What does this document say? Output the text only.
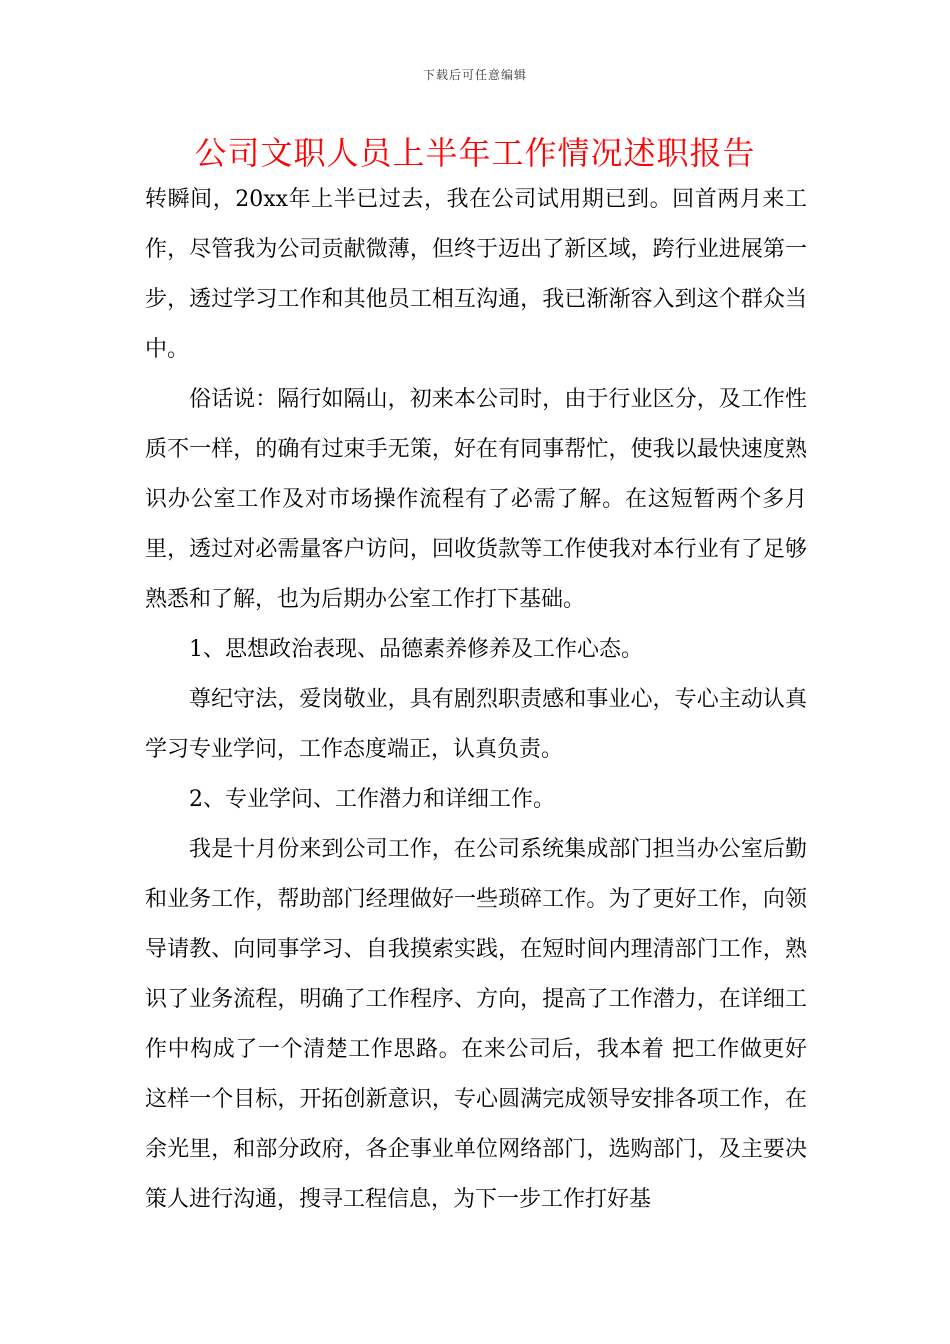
下载后可任意编辑
公司文职人员上半年工作情况述职报告

转瞬间，20xx年上半已过去，我在公司试用期已到。回首两月来工作，尽管我为公司贡献微薄，但终于迈出了新区域，跨行业进展第一步，透过学习工作和其他员工相互沟通，我已渐渐容入到这个群众当中。

俗话说：隔行如隔山，初来本公司时，由于行业区分，及工作性质不一样，的确有过束手无策，好在有同事帮忙，使我以最快速度熟识办公室工作及对市场操作流程有了必需了解。在这短暂两个多月里，透过对必需量客户访问，回收货款等工作使我对本行业有了足够熟悉和了解，也为后期办公室工作打下基础。

1、思想政治表现、品德素养修养及工作心态。

尊纪守法，爱岗敬业，具有剧烈职责感和事业心，专心主动认真学习专业学问，工作态度端正，认真负责。

2、专业学问、工作潜力和详细工作。

我是十月份来到公司工作，在公司系统集成部门担当办公室后勤和业务工作，帮助部门经理做好一些琐碎工作。为了更好工作，向领导请教、向同事学习、自我摸索实践，在短时间内理清部门工作，熟识了业务流程，明确了工作程序、方向，提高了工作潜力，在详细工作中构成了一个清楚工作思路。在来公司后，我本着 把工作做更好 这样一个目标，开拓创新意识，专心圆满完成领导安排各项工作，在余光里，和部分政府，各企事业单位网络部门，选购部门，及主要决策人进行沟通，搜寻工程信息，为下一步工作打好基
